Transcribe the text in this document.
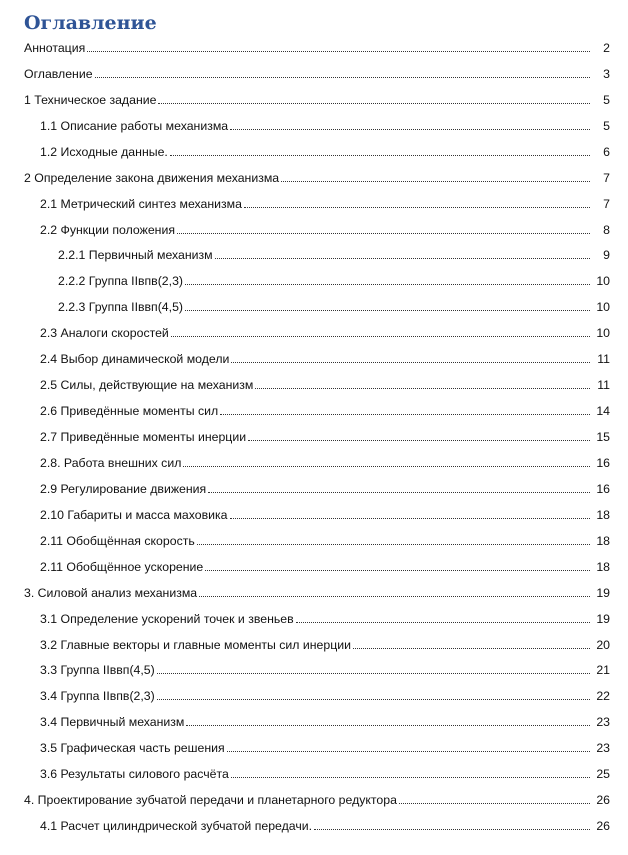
Оглавление
Аннотация	2
Оглавление	3
1 Техническое задание	5
1.1 Описание работы механизма	5
1.2 Исходные данные.	6
2 Определение закона движения механизма	7
2.1 Метрический синтез механизма	7
2.2 Функции положения	8
2.2.1 Первичный механизм	9
2.2.2 Группа IIвпв(2,3)	10
2.2.3 Группа IIввп(4,5)	10
2.3 Аналоги скоростей	10
2.4 Выбор динамической модели	11
2.5 Силы, действующие на механизм	11
2.6 Приведённые моменты сил	14
2.7 Приведённые моменты инерции	15
2.8. Работа внешних сил	16
2.9 Регулирование движения	16
2.10 Габариты и масса маховика	18
2.11 Обобщённая скорость	18
2.11 Обобщённое ускорение	18
3. Силовой анализ механизма	19
3.1 Определение ускорений точек и звеньев	19
3.2 Главные векторы и главные моменты сил инерции	20
3.3 Группа IIввп(4,5)	21
3.4 Группа IIвпв(2,3)	22
3.4 Первичный механизм	23
3.5 Графическая часть решения	23
3.6 Результаты силового расчёта	25
4. Проектирование зубчатой передачи и планетарного редуктора	26
4.1 Расчет цилиндрической зубчатой передачи.	26
